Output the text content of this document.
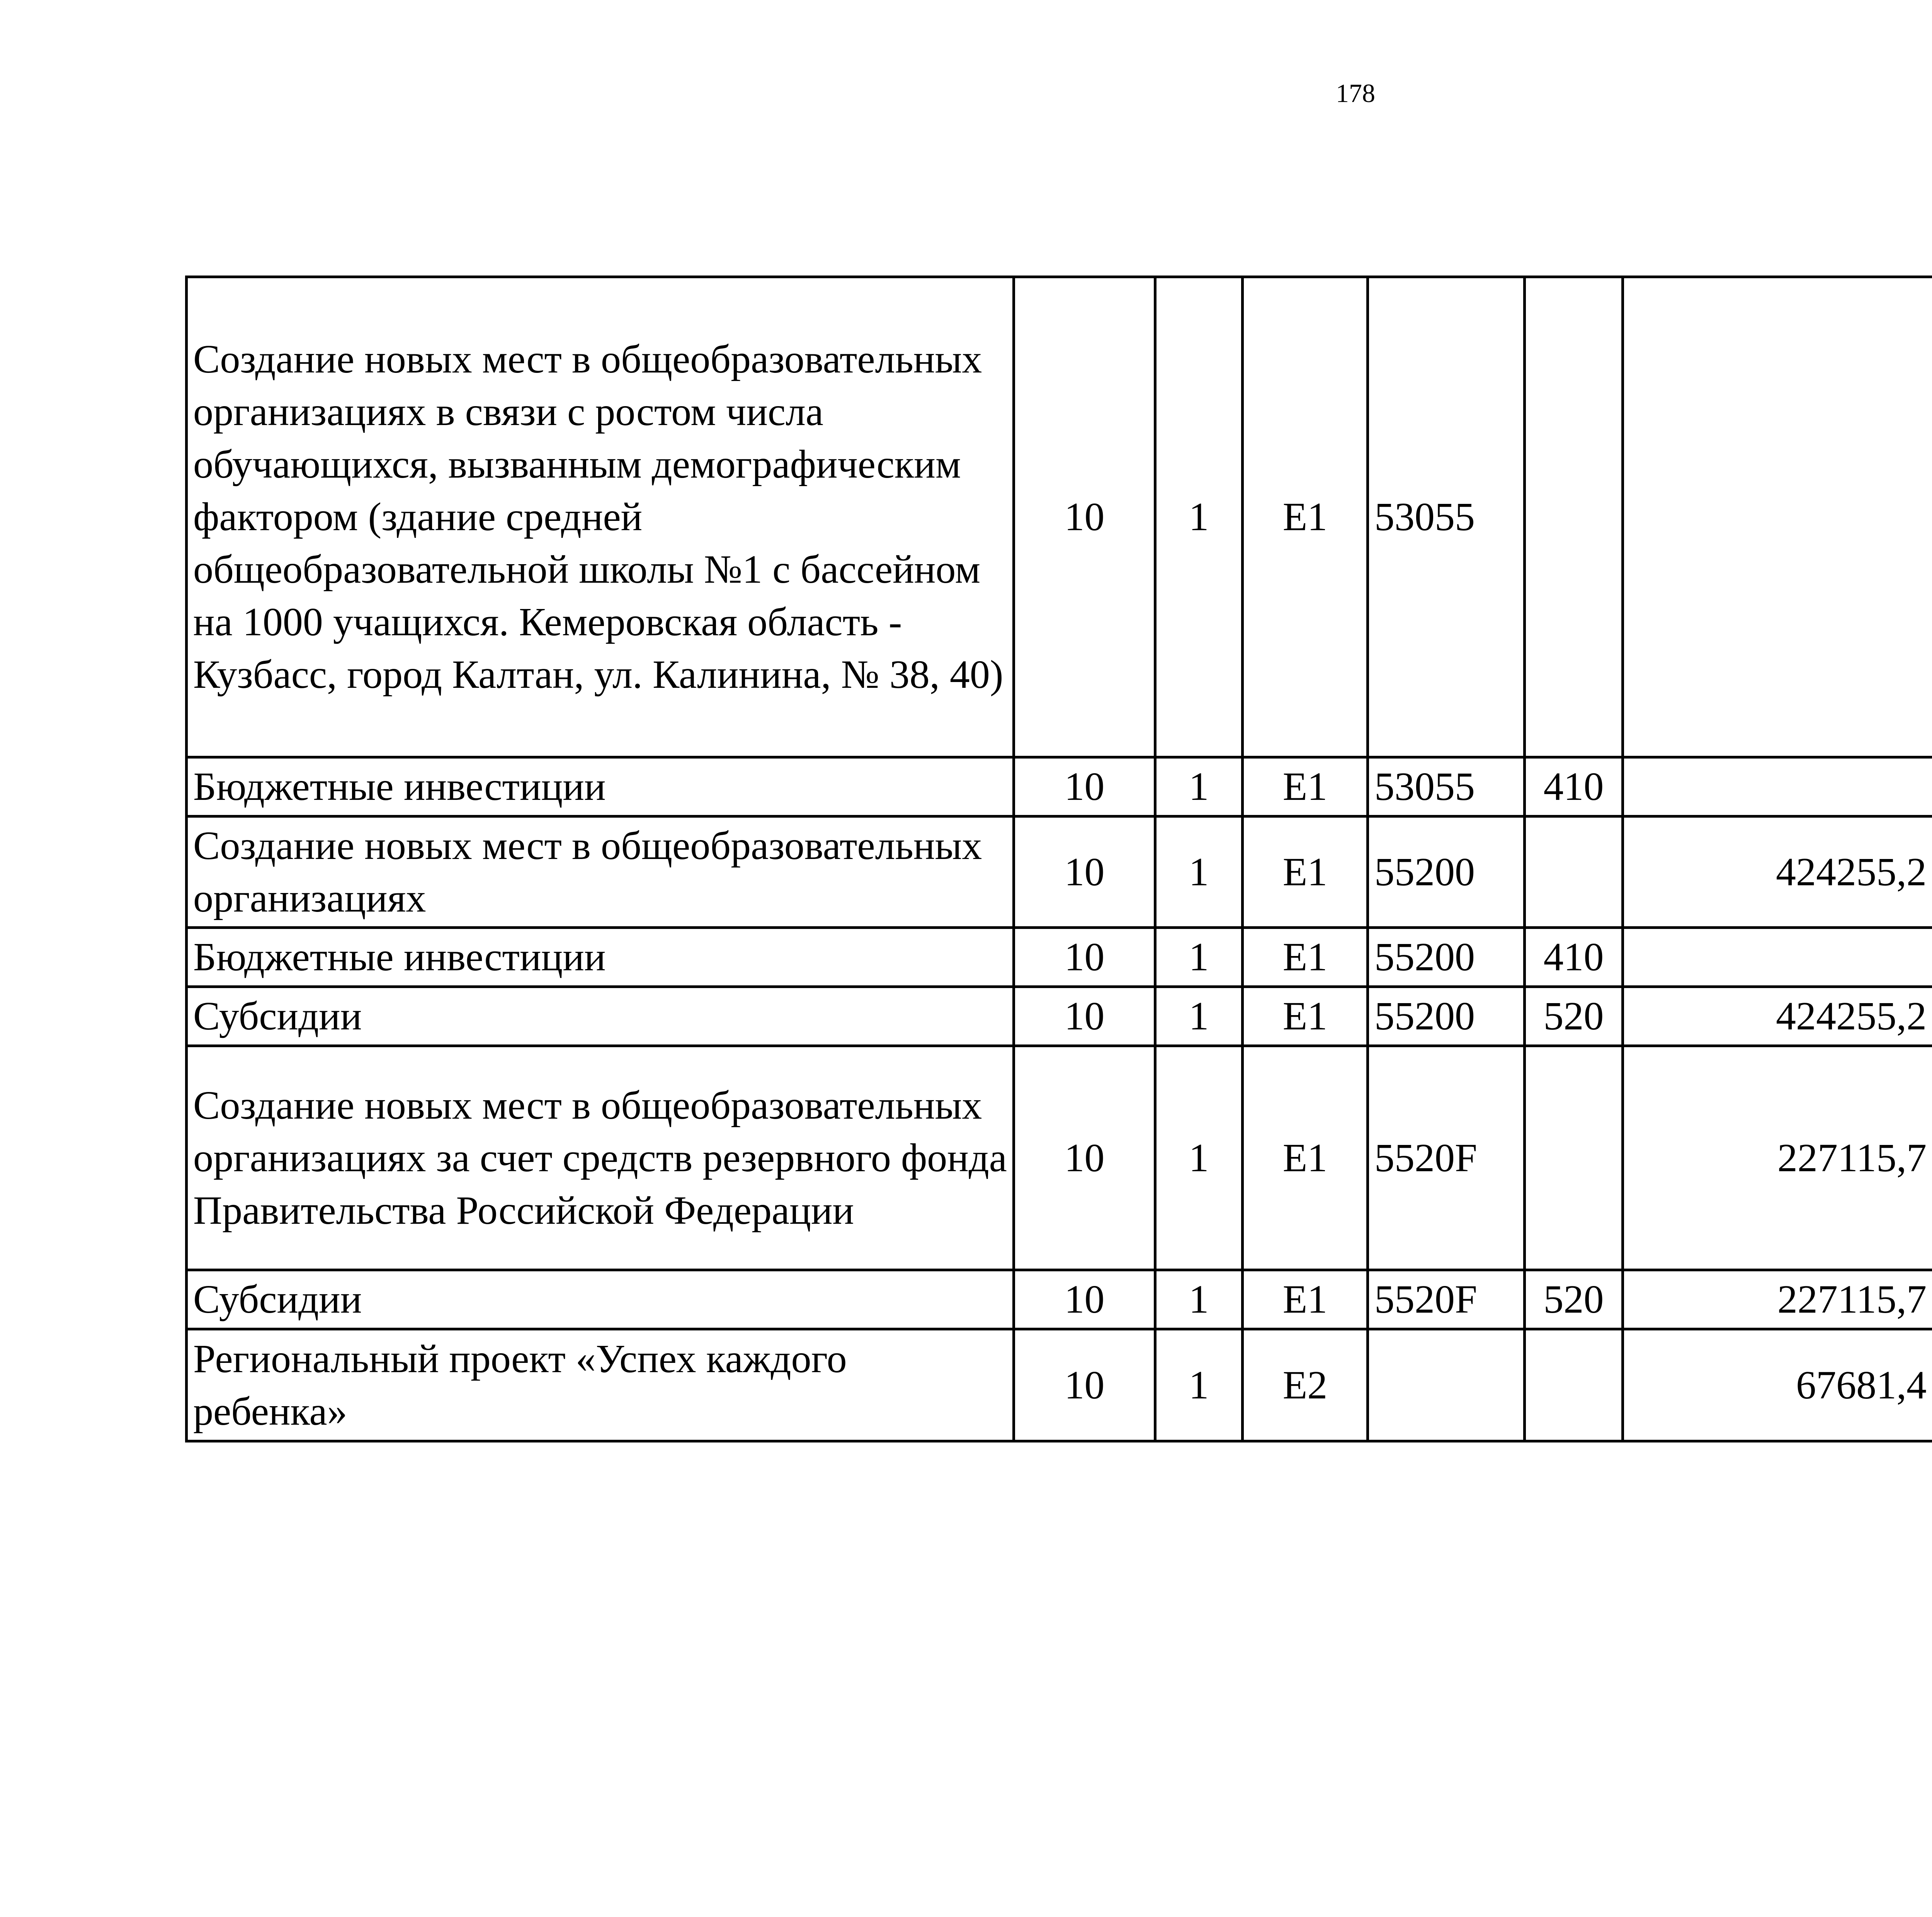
178
Создание новых мест в общеобразовательных организациях в связи с ростом числа обучающихся, вызванным демографическим фактором (здание средней общеобразовательной школы №1 с бассейном на 1000 учащихся. Кемеровская область - Кузбасс, город Калтан, ул. Калинина, № 38, 40)	10	1	E1	53055				
Бюджетные инвестиции	10	1	E1	53055	410			
Создание новых мест в общеобразовательных организациях	10	1	E1	55200		424255,2		
Бюджетные инвестиции	10	1	E1	55200	410			
Субсидии	10	1	E1	55200	520	424255,2		
Создание новых мест в общеобразовательных организациях за счет средств резервного фонда Правительства Российской Федерации	10	1	E1	5520F		227115,7		
Субсидии	10	1	E1	5520F	520	227115,7		
Региональный проект «Успех каждого ребенка»	10	1	E2			67681,4		
